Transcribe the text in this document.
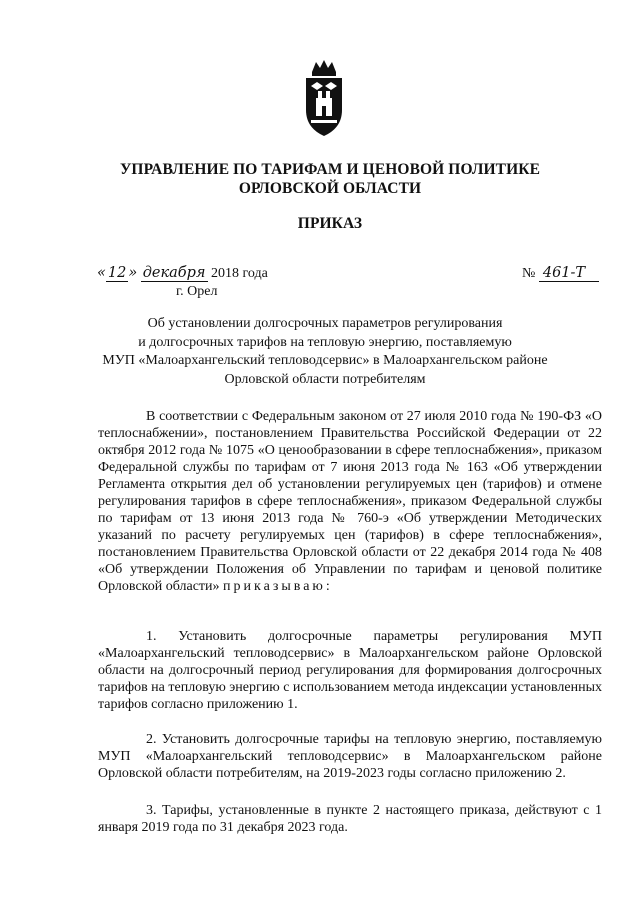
УПРАВЛЕНИЕ ПО ТАРИФАМ И ЦЕНОВОЙ ПОЛИТИКЕ
ОРЛОВСКОЙ ОБЛАСТИ
ПРИКАЗ
« 12 » декабря 2018 года
г. Орел
№ 461-Т
Об установлении долгосрочных параметров регулирования
и долгосрочных тарифов на тепловую энергию, поставляемую
МУП «Малоархангельский тепловодсервис» в Малоархангельском районе
Орловской области потребителям
В соответствии с Федеральным законом от 27 июля 2010 года № 190-ФЗ «О теплоснабжении», постановлением Правительства Российской Федерации от 22 октября 2012 года № 1075 «О ценообразовании в сфере теплоснабжения», приказом Федеральной службы по тарифам от 7 июня 2013 года № 163 «Об утверждении Регламента открытия дел об установлении регулируемых цен (тарифов) и отмене регулирования тарифов в сфере теплоснабжения», приказом Федеральной службы по тарифам от 13 июня 2013 года № 760-э «Об утверждении Методических указаний по расчету регулируемых цен (тарифов) в сфере теплоснабжения», постановлением Правительства Орловской области от 22 декабря 2014 года № 408 «Об утверждении Положения об Управлении по тарифам и ценовой политике Орловской области» приказываю:
1. Установить долгосрочные параметры регулирования МУП «Малоархангельский тепловодсервис» в Малоархангельском районе Орловской области на долгосрочный период регулирования для формирования долгосрочных тарифов на тепловую энергию с использованием метода индексации установленных тарифов согласно приложению 1.
2. Установить долгосрочные тарифы на тепловую энергию, поставляемую МУП «Малоархангельский тепловодсервис» в Малоархангельском районе Орловской области потребителям, на 2019-2023 годы согласно приложению 2.
3. Тарифы, установленные в пункте 2 настоящего приказа, действуют с 1 января 2019 года по 31 декабря 2023 года.
